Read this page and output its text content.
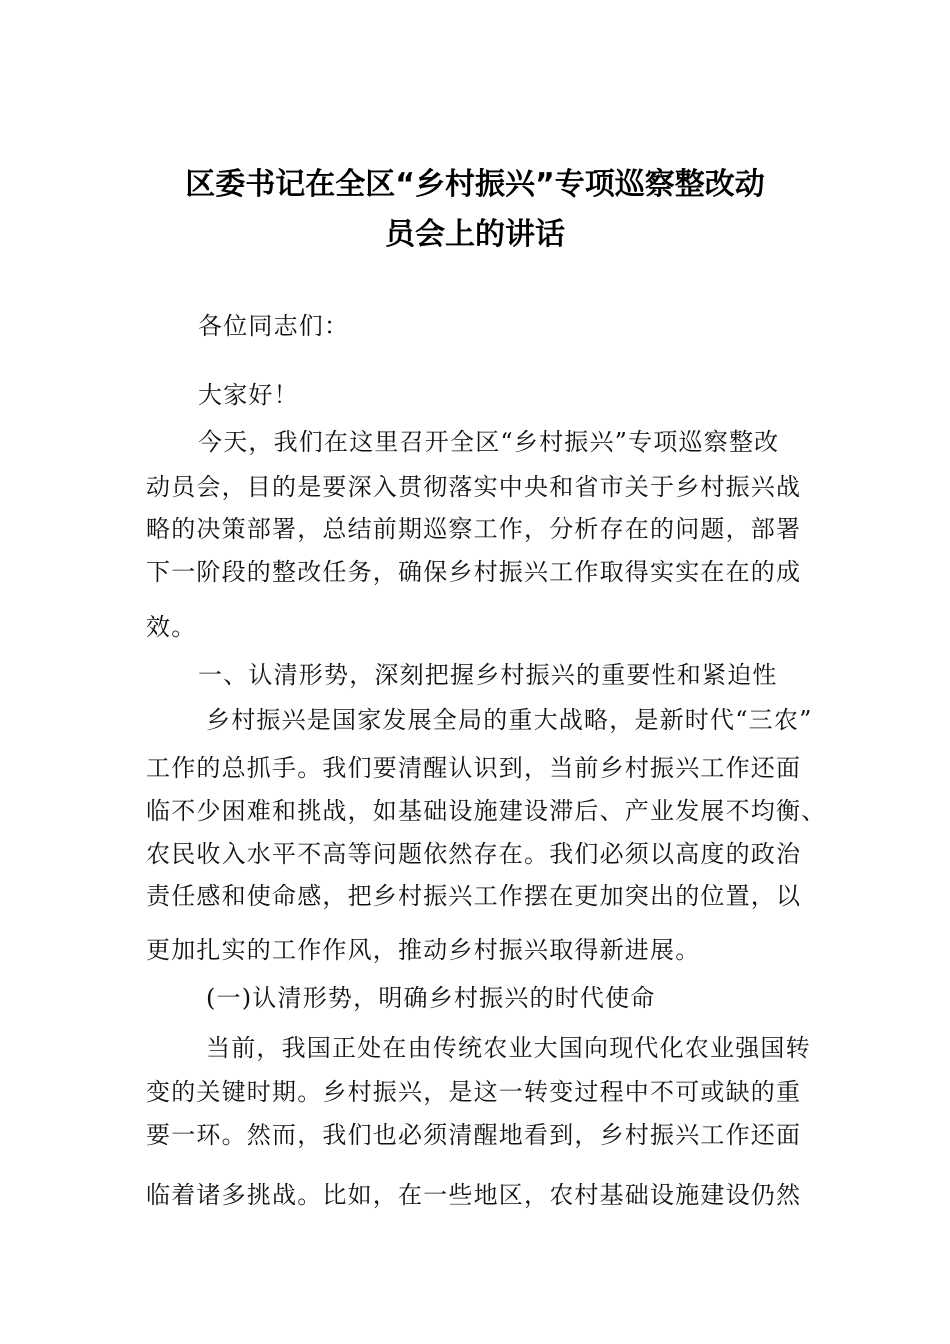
区委书记在全区“乡村振兴”专项巡察整改动
员会上的讲话
各位同志们：
大家好！
今天，我们在这里召开全区“乡村振兴”专项巡察整改
动员会，目的是要深入贯彻落实中央和省市关于乡村振兴战
略的决策部署，总结前期巡察工作，分析存在的问题，部署
下一阶段的整改任务，确保乡村振兴工作取得实实在在的成
效。
一、认清形势，深刻把握乡村振兴的重要性和紧迫性
乡村振兴是国家发展全局的重大战略，是新时代“三农”
工作的总抓手。我们要清醒认识到，当前乡村振兴工作还面
临不少困难和挑战，如基础设施建设滞后、产业发展不均衡、
农民收入水平不高等问题依然存在。我们必须以高度的政治
责任感和使命感，把乡村振兴工作摆在更加突出的位置，以
更加扎实的工作作风，推动乡村振兴取得新进展。
(一)认清形势，明确乡村振兴的时代使命
当前，我国正处在由传统农业大国向现代化农业强国转
变的关键时期。乡村振兴，是这一转变过程中不可或缺的重
要一环。然而，我们也必须清醒地看到，乡村振兴工作还面
临着诸多挑战。比如，在一些地区，农村基础设施建设仍然
